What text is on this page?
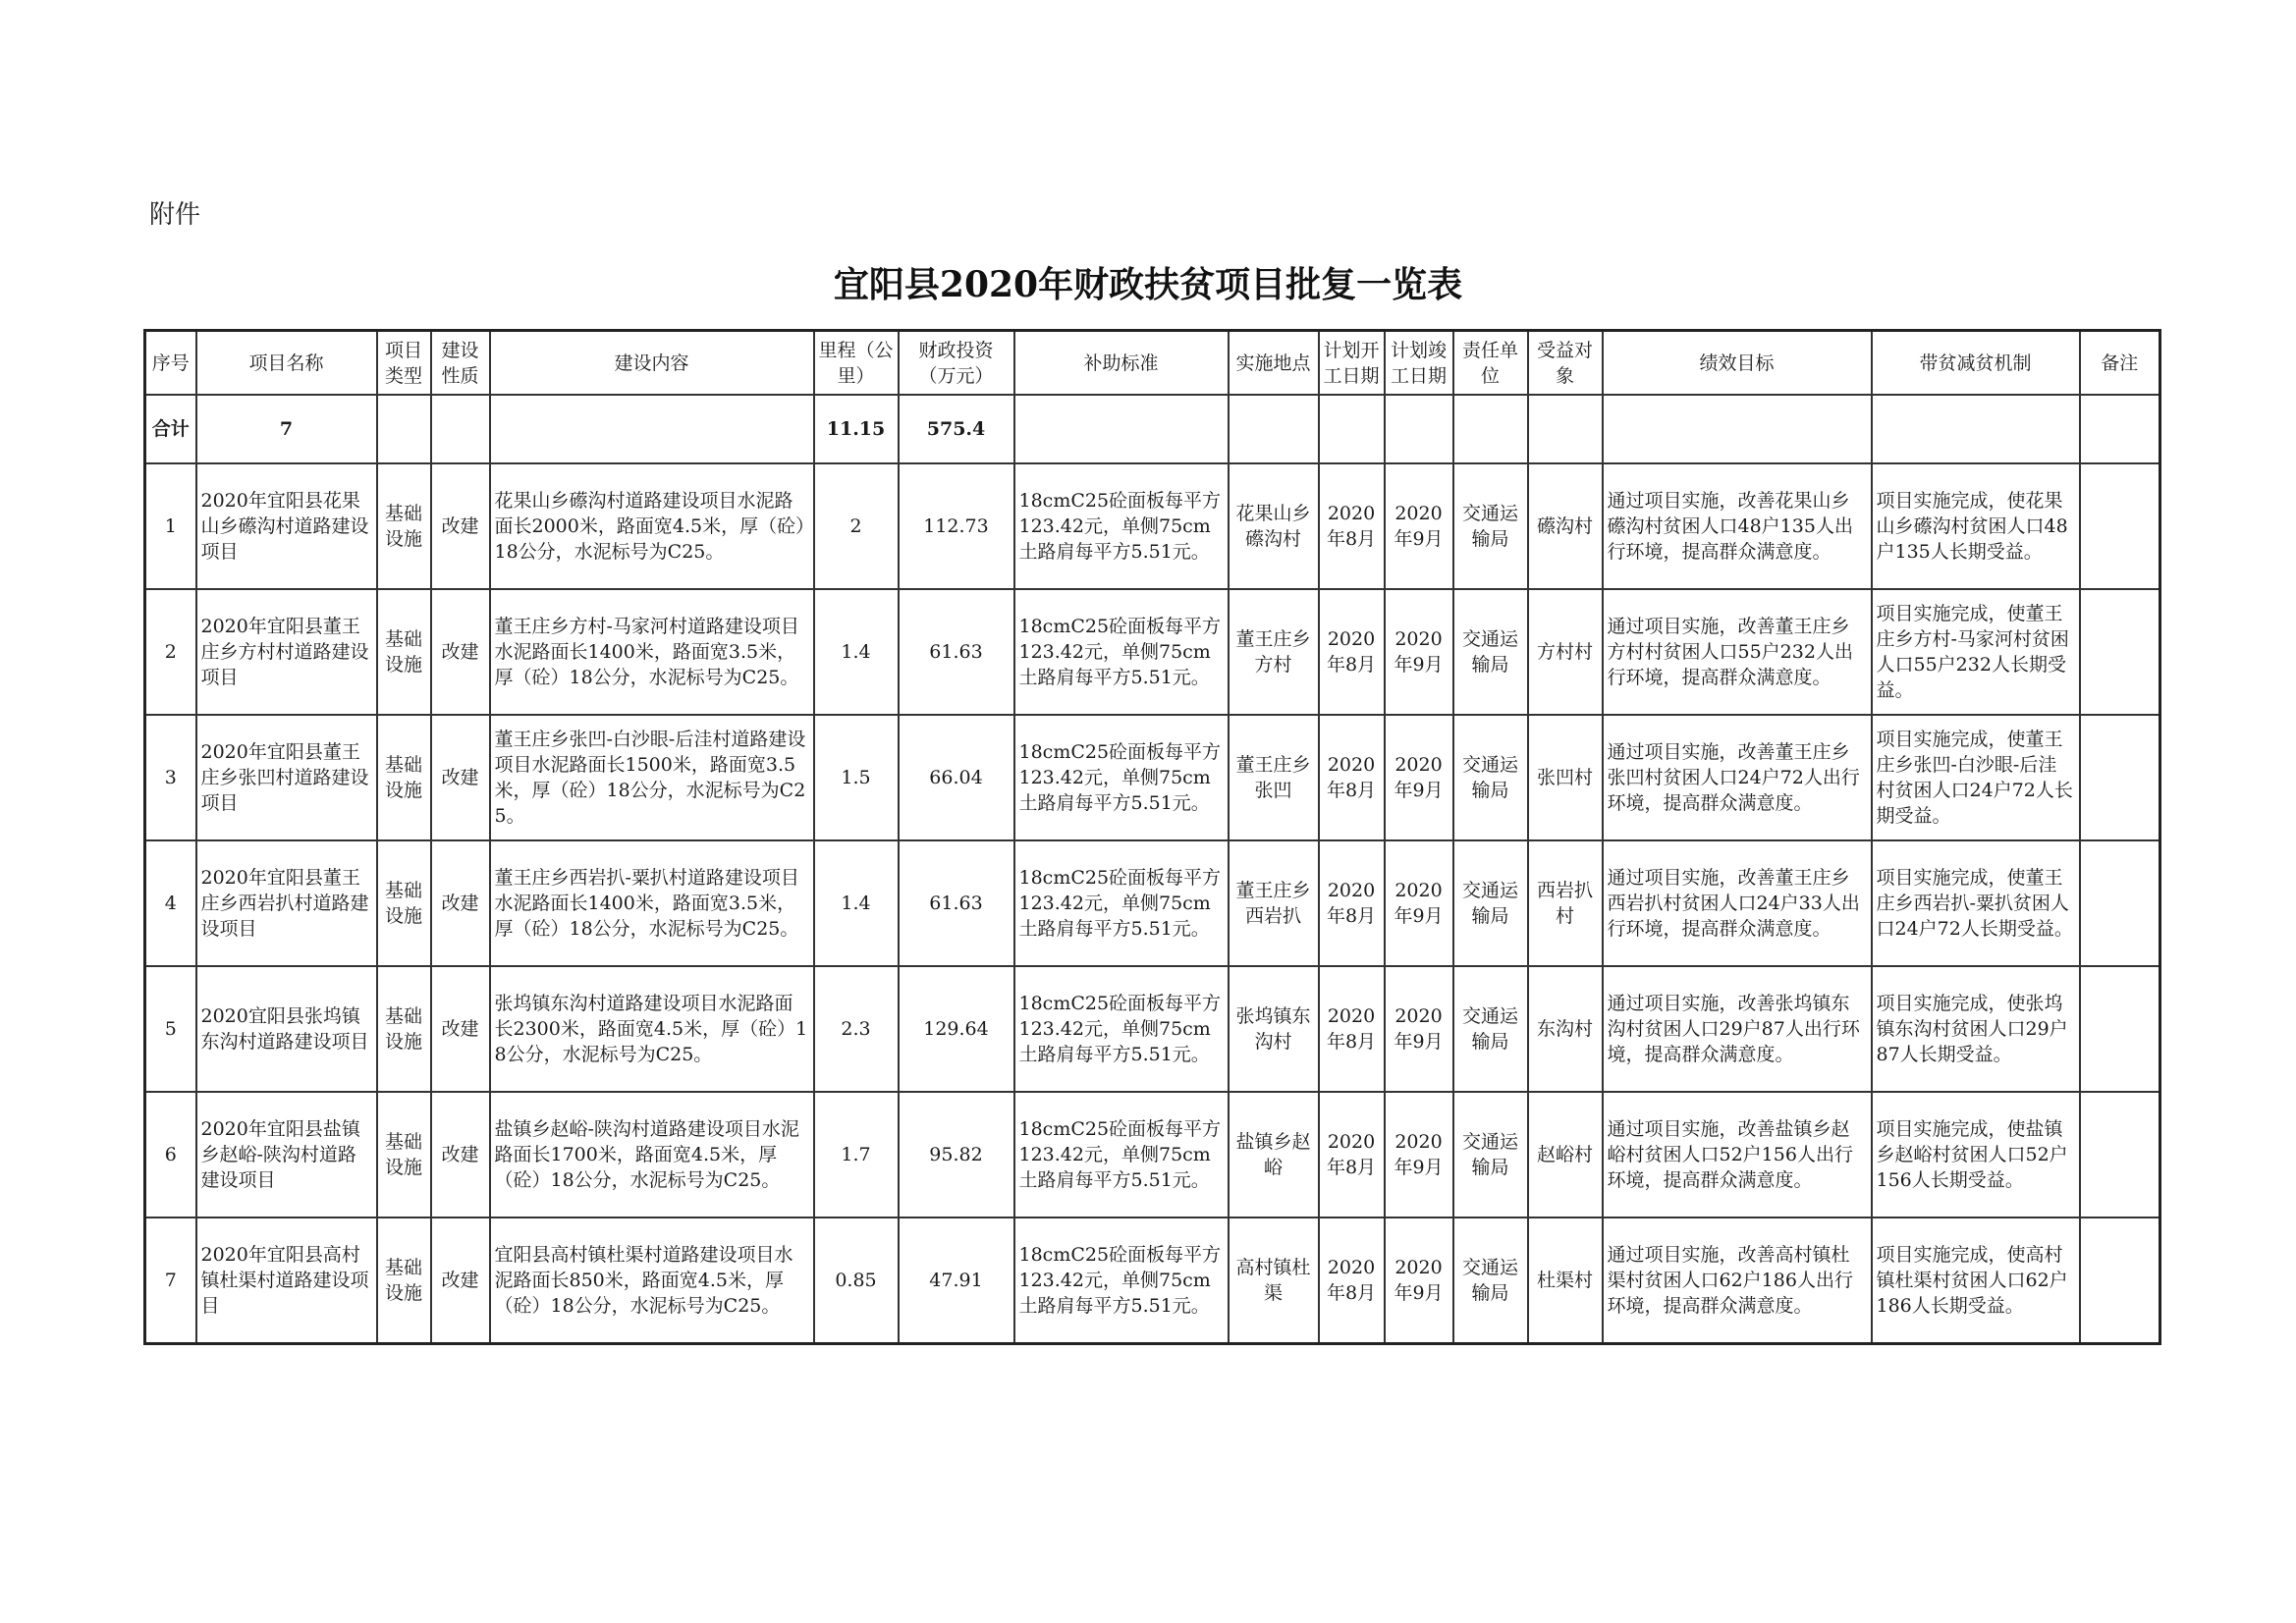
附件
宜阳县2020年财政扶贫项目批复一览表
序号	项目名称	项目类型	建设性质	建设内容	里程（公里）	财政投资（万元）	补助标准	实施地点	计划开工日期	计划竣工日期	责任单位	受益对象	绩效目标	带贫减贫机制	备注
合计	7				11.15	575.4									
1	2020年宜阳县花果山乡礤沟村道路建设项目	基础设施	改建	花果山乡礤沟村道路建设项目水泥路面长2000米，路面宽4.5米，厚（砼）18公分，水泥标号为C25。	2	112.73	18cmC25砼面板每平方123.42元，单侧75cm土路肩每平方5.51元。	花果山乡礤沟村	2020年8月	2020年9月	交通运输局	礤沟村	通过项目实施，改善花果山乡礤沟村贫困人口48户135人出行环境，提高群众满意度。	项目实施完成，使花果山乡礤沟村贫困人口48户135人长期受益。	
2	2020年宜阳县董王庄乡方村村道路建设项目	基础设施	改建	董王庄乡方村-马家河村道路建设项目水泥路面长1400米，路面宽3.5米，厚（砼）18公分，水泥标号为C25。	1.4	61.63	18cmC25砼面板每平方123.42元，单侧75cm土路肩每平方5.51元。	董王庄乡方村	2020年8月	2020年9月	交通运输局	方村村	通过项目实施，改善董王庄乡方村村贫困人口55户232人出行环境，提高群众满意度。	项目实施完成，使董王庄乡方村-马家河村贫困人口55户232人长期受益。	
3	2020年宜阳县董王庄乡张凹村道路建设项目	基础设施	改建	董王庄乡张凹-白沙眼-后洼村道路建设项目水泥路面长1500米，路面宽3.5米，厚（砼）18公分，水泥标号为C25。	1.5	66.04	18cmC25砼面板每平方123.42元，单侧75cm土路肩每平方5.51元。	董王庄乡张凹	2020年8月	2020年9月	交通运输局	张凹村	通过项目实施，改善董王庄乡张凹村贫困人口24户72人出行环境，提高群众满意度。	项目实施完成，使董王庄乡张凹-白沙眼-后洼村贫困人口24户72人长期受益。	
4	2020年宜阳县董王庄乡西岩扒村道路建设项目	基础设施	改建	董王庄乡西岩扒-粟扒村道路建设项目水泥路面长1400米，路面宽3.5米，厚（砼）18公分，水泥标号为C25。	1.4	61.63	18cmC25砼面板每平方123.42元，单侧75cm土路肩每平方5.51元。	董王庄乡西岩扒	2020年8月	2020年9月	交通运输局	西岩扒村	通过项目实施，改善董王庄乡西岩扒村贫困人口24户33人出行环境，提高群众满意度。	项目实施完成，使董王庄乡西岩扒-粟扒贫困人口24户72人长期受益。	
5	2020宜阳县张坞镇东沟村道路建设项目	基础设施	改建	张坞镇东沟村道路建设项目水泥路面长2300米，路面宽4.5米，厚（砼）18公分，水泥标号为C25。	2.3	129.64	18cmC25砼面板每平方123.42元，单侧75cm土路肩每平方5.51元。	张坞镇东沟村	2020年8月	2020年9月	交通运输局	东沟村	通过项目实施，改善张坞镇东沟村贫困人口29户87人出行环境，提高群众满意度。	项目实施完成，使张坞镇东沟村贫困人口29户87人长期受益。	
6	2020年宜阳县盐镇乡赵峪-陕沟村道路建设项目	基础设施	改建	盐镇乡赵峪-陕沟村道路建设项目水泥路面长1700米，路面宽4.5米，厚（砼）18公分，水泥标号为C25。	1.7	95.82	18cmC25砼面板每平方123.42元，单侧75cm土路肩每平方5.51元。	盐镇乡赵峪	2020年8月	2020年9月	交通运输局	赵峪村	通过项目实施，改善盐镇乡赵峪村贫困人口52户156人出行环境，提高群众满意度。	项目实施完成，使盐镇乡赵峪村贫困人口52户156人长期受益。	
7	2020年宜阳县高村镇杜渠村道路建设项目	基础设施	改建	宜阳县高村镇杜渠村道路建设项目水泥路面长850米，路面宽4.5米，厚（砼）18公分，水泥标号为C25。	0.85	47.91	18cmC25砼面板每平方123.42元，单侧75cm土路肩每平方5.51元。	高村镇杜渠	2020年8月	2020年9月	交通运输局	杜渠村	通过项目实施，改善高村镇杜渠村贫困人口62户186人出行环境，提高群众满意度。	项目实施完成，使高村镇杜渠村贫困人口62户186人长期受益。	
